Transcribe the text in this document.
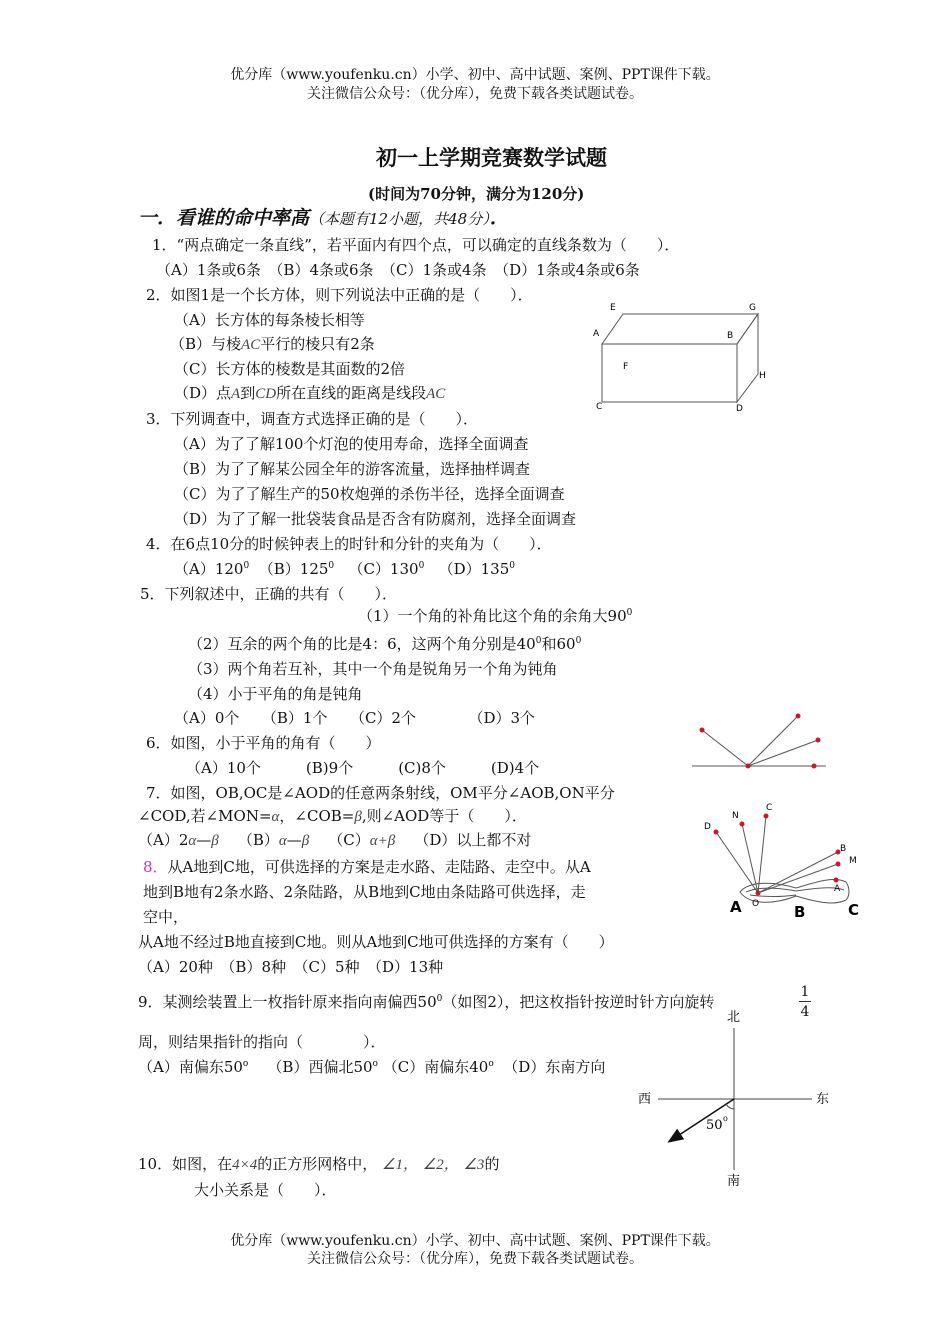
优分库（www.youfenku.cn）小学、初中、高中试题、案例、PPT课件下载。
关注微信公众号：（优分库），免费下载各类试题试卷。
初一上学期竞赛数学试题
(时间为70分钟，满分为120分)
一．看谁的命中率高（本题有12小题，共48分）．
1．“两点确定一条直线”，若平面内有四个点，可以确定的直线条数为（　　）．
（A）1条或6条　（B）4条或6条　（C）1条或4条　（D）1条或4条或6条
2．如图1是一个长方体，则下列说法中正确的是（　　）．
（A）长方体的每条棱长相等
（B）与棱AC平行的棱只有2条
（C）长方体的棱数是其面数的2倍
（D）点A到CD所在直线的距离是线段AC
E	G
A	B
F
H
C	D
3．下列调查中，调查方式选择正确的是（　　）．
（A）为了了解100个灯泡的使用寿命，选择全面调查
（B）为了了解某公园全年的游客流量，选择抽样调查
（C）为了了解生产的50枚炮弹的杀伤半径，选择全面调查
（D）为了了解一批袋装食品是否含有防腐剂，选择全面调查
4．在6点10分的时候钟表上的时针和分针的夹角为（　　）．
$(A)120^0$ $(B)125^0$ $(C)130^0$ $(D)135^0$
5．下列叙述中，正确的共有（　　）．
（1）一个角的补角比这个角的余角大$90^0$
（2）互余的两个角的比是4：6，这两个角分别是$40^0$和$60^0$
（3）两个角若互补，其中一个角是锐角另一个角为钝角
（4）小于平角的角是钝角
（A）0个　　（B）1个　　（C）2个　　　　（D）3个
6．如图，小于平角的角有（　　）
（A）10个　　　(B)9个　　　(C)8个　　　(D)4个
7．如图，OB,OC是∠AOD的任意两条射线，OM平分∠AOB,ON平分
∠COD,若∠MON=α，∠COB=β,则∠AOD等于（　　）．
（A）2α—β （B）α—β （C）α+β （D）以上都不对
C
N
D
B
M
A
O
A	B	C
8．从A地到C地，可供选择的方案是走水路、走陆路、走空中。从A
地到B地有2条水路、2条陆路，从B地到C地由条陆路可供选择，走
空中，
从A地不经过B地直接到C地。则从A地到C地可供选择的方案有（　　）
（A）20种　（B）8种　（C）5种　（D）13种
9．某测绘装置上一枚指针原来指向南偏西$50^0$（如图2），把这枚指针按逆时针方向旋转
1
4
周，则结果指针的指向（　　　　）．
（A）南偏东50$^o$ （B）西偏北50$^o$ （C）南偏东40$^o$ （D）东南方向
北
南
西	东
50 o
10．如图，在4×4的正方形网格中， ∠1， ∠2， ∠3的
大小关系是（　　）．
优分库（www.youfenku.cn）小学、初中、高中试题、案例、PPT课件下载。
关注微信公众号：（优分库），免费下载各类试题试卷。
